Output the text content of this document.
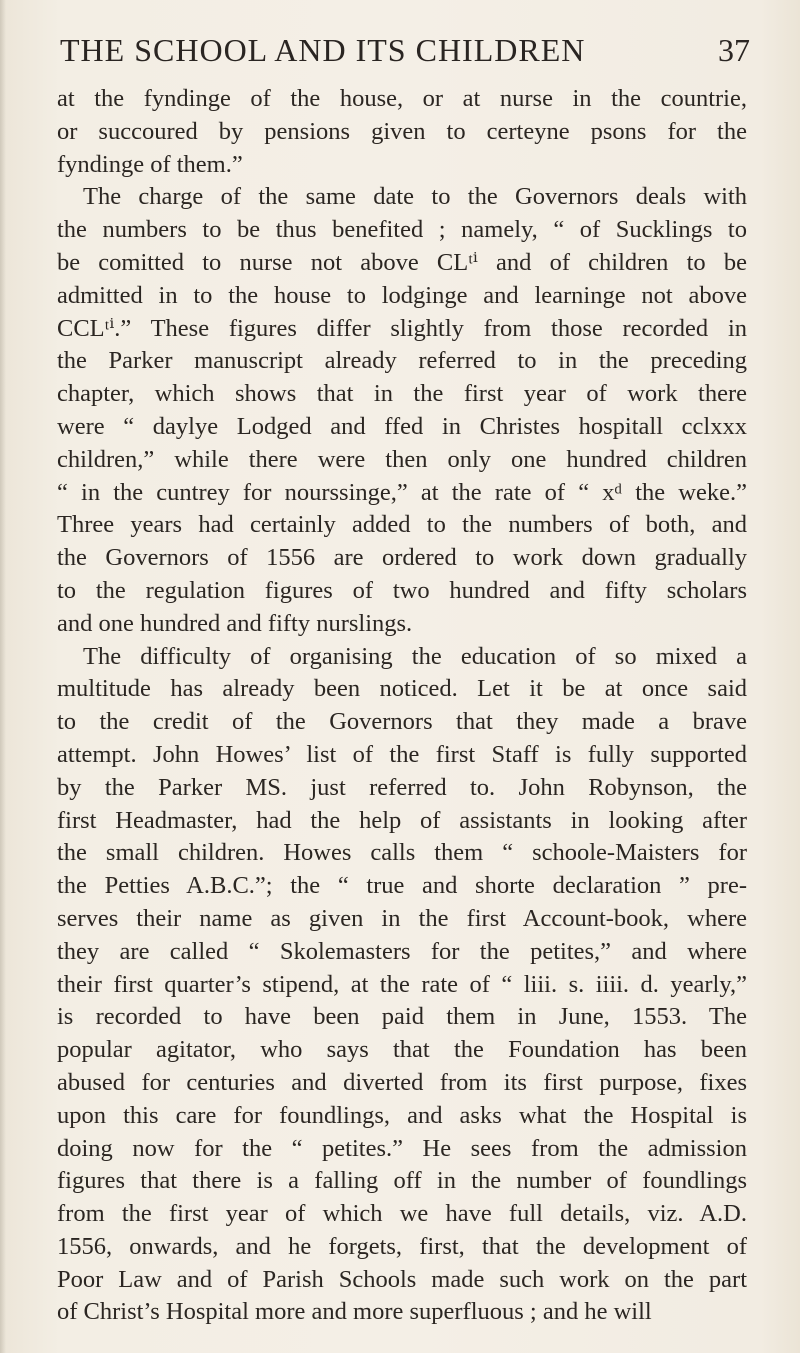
THE SCHOOL AND ITS CHILDREN	37
at the fyndinge of the house, or at nurse in the countrie,
or succoured by pensions given to certeyne psons for the
fyndinge of them.”
The charge of the same date to the Governors deals with
the numbers to be thus benefited ; namely, “ of Sucklings to
be comitted to nurse not above CLᵗⁱ and of children to be
admitted in to the house to lodginge and learninge not above
CCLᵗⁱ.” These figures differ slightly from those recorded in
the Parker manuscript already referred to in the preceding
chapter, which shows that in the first year of work there
were “ daylye Lodged and ffed in Christes hospitall cclxxx
children,” while there were then only one hundred children
“ in the cuntrey for nourssinge,” at the rate of “ xᵈ the weke.”
Three years had certainly added to the numbers of both, and
the Governors of 1556 are ordered to work down gradually
to the regulation figures of two hundred and fifty scholars
and one hundred and fifty nurslings.
The difficulty of organising the education of so mixed a
multitude has already been noticed. Let it be at once said
to the credit of the Governors that they made a brave
attempt. John Howes’ list of the first Staff is fully supported
by the Parker MS. just referred to. John Robynson, the
first Headmaster, had the help of assistants in looking after
the small children. Howes calls them “ schoole-Maisters for
the Petties A.B.C.”; the “ true and shorte declaration ” pre-
serves their name as given in the first Account-book, where
they are called “ Skolemasters for the petites,” and where
their first quarter’s stipend, at the rate of “ liii. s. iiii. d. yearly,”
is recorded to have been paid them in June, 1553. The
popular agitator, who says that the Foundation has been
abused for centuries and diverted from its first purpose, fixes
upon this care for foundlings, and asks what the Hospital is
doing now for the “ petites.” He sees from the admission
figures that there is a falling off in the number of foundlings
from the first year of which we have full details, viz. A.D.
1556, onwards, and he forgets, first, that the development of
Poor Law and of Parish Schools made such work on the part
of Christ’s Hospital more and more superfluous ; and he will
